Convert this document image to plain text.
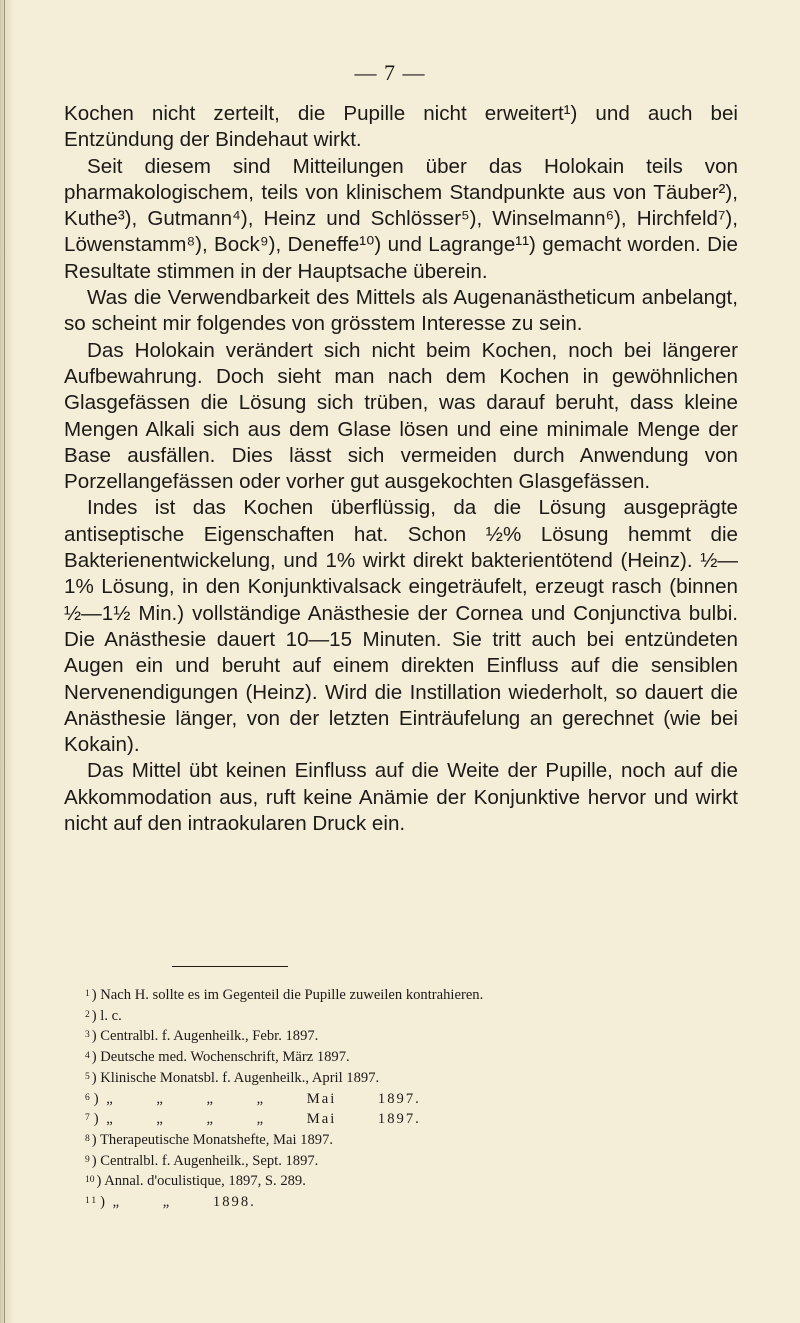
— 7 —

Kochen nicht zerteilt, die Pupille nicht erweitert¹) und auch bei Entzündung der Bindehaut wirkt.

Seit diesem sind Mitteilungen über das Holokain teils von pharmakologischem, teils von klinischem Standpunkte aus von Täuber²), Kuthe³), Gutmann⁴), Heinz und Schlösser⁵), Winselmann⁶), Hirchfeld⁷), Löwenstamm⁸), Bock⁹), Deneffe¹⁰) und Lagrange¹¹) gemacht worden. Die Resultate stimmen in der Hauptsache überein.

Was die Verwendbarkeit des Mittels als Augenanästheticum anbelangt, so scheint mir folgendes von grösstem Interesse zu sein.

Das Holokain verändert sich nicht beim Kochen, noch bei längerer Aufbewahrung. Doch sieht man nach dem Kochen in gewöhnlichen Glasgefässen die Lösung sich trüben, was darauf beruht, dass kleine Mengen Alkali sich aus dem Glase lösen und eine minimale Menge der Base ausfällen. Dies lässt sich vermeiden durch Anwendung von Porzellangefässen oder vorher gut ausgekochten Glasgefässen.

Indes ist das Kochen überflüssig, da die Lösung ausgeprägte antiseptische Eigenschaften hat. Schon ½% Lösung hemmt die Bakterienentwickelung, und 1% wirkt direkt bakterientötend (Heinz). ½—1% Lösung, in den Konjunktivalsack eingeträufelt, erzeugt rasch (binnen ½—1½ Min.) vollständige Anästhesie der Cornea und Conjunctiva bulbi. Die Anästhesie dauert 10—15 Minuten. Sie tritt auch bei entzündeten Augen ein und beruht auf einem direkten Einfluss auf die sensiblen Nervenendigungen (Heinz). Wird die Instillation wiederholt, so dauert die Anästhesie länger, von der letzten Einträufelung an gerechnet (wie bei Kokain).

Das Mittel übt keinen Einfluss auf die Weite der Pupille, noch auf die Akkommodation aus, ruft keine Anämie der Konjunktive hervor und wirkt nicht auf den intraokularen Druck ein.

$^1$ ) Nach H. sollte es im Gegenteil die Pupille zuweilen kontrahieren.
$^2$ ) l. c.
$^3$ ) Centralbl. f. Augenheilk., Febr. 1897.
$^4$ ) Deutsche med. Wochenschrift, März 1897.
$^5$ ) Klinische Monatsbl. f. Augenheilk., April 1897.
$^6$ ) „ „ „ „ Mai 1897.
$^7$ ) „ „ „ „ Mai 1897.
$^8$ ) Therapeutische Monatshefte, Mai 1897.
$^9$ ) Centralbl. f. Augenheilk., Sept. 1897.
$^{10}$ ) Annal. d'oculistique, 1897, S. 289.
$^{11}$ ) „ „ 1898.
